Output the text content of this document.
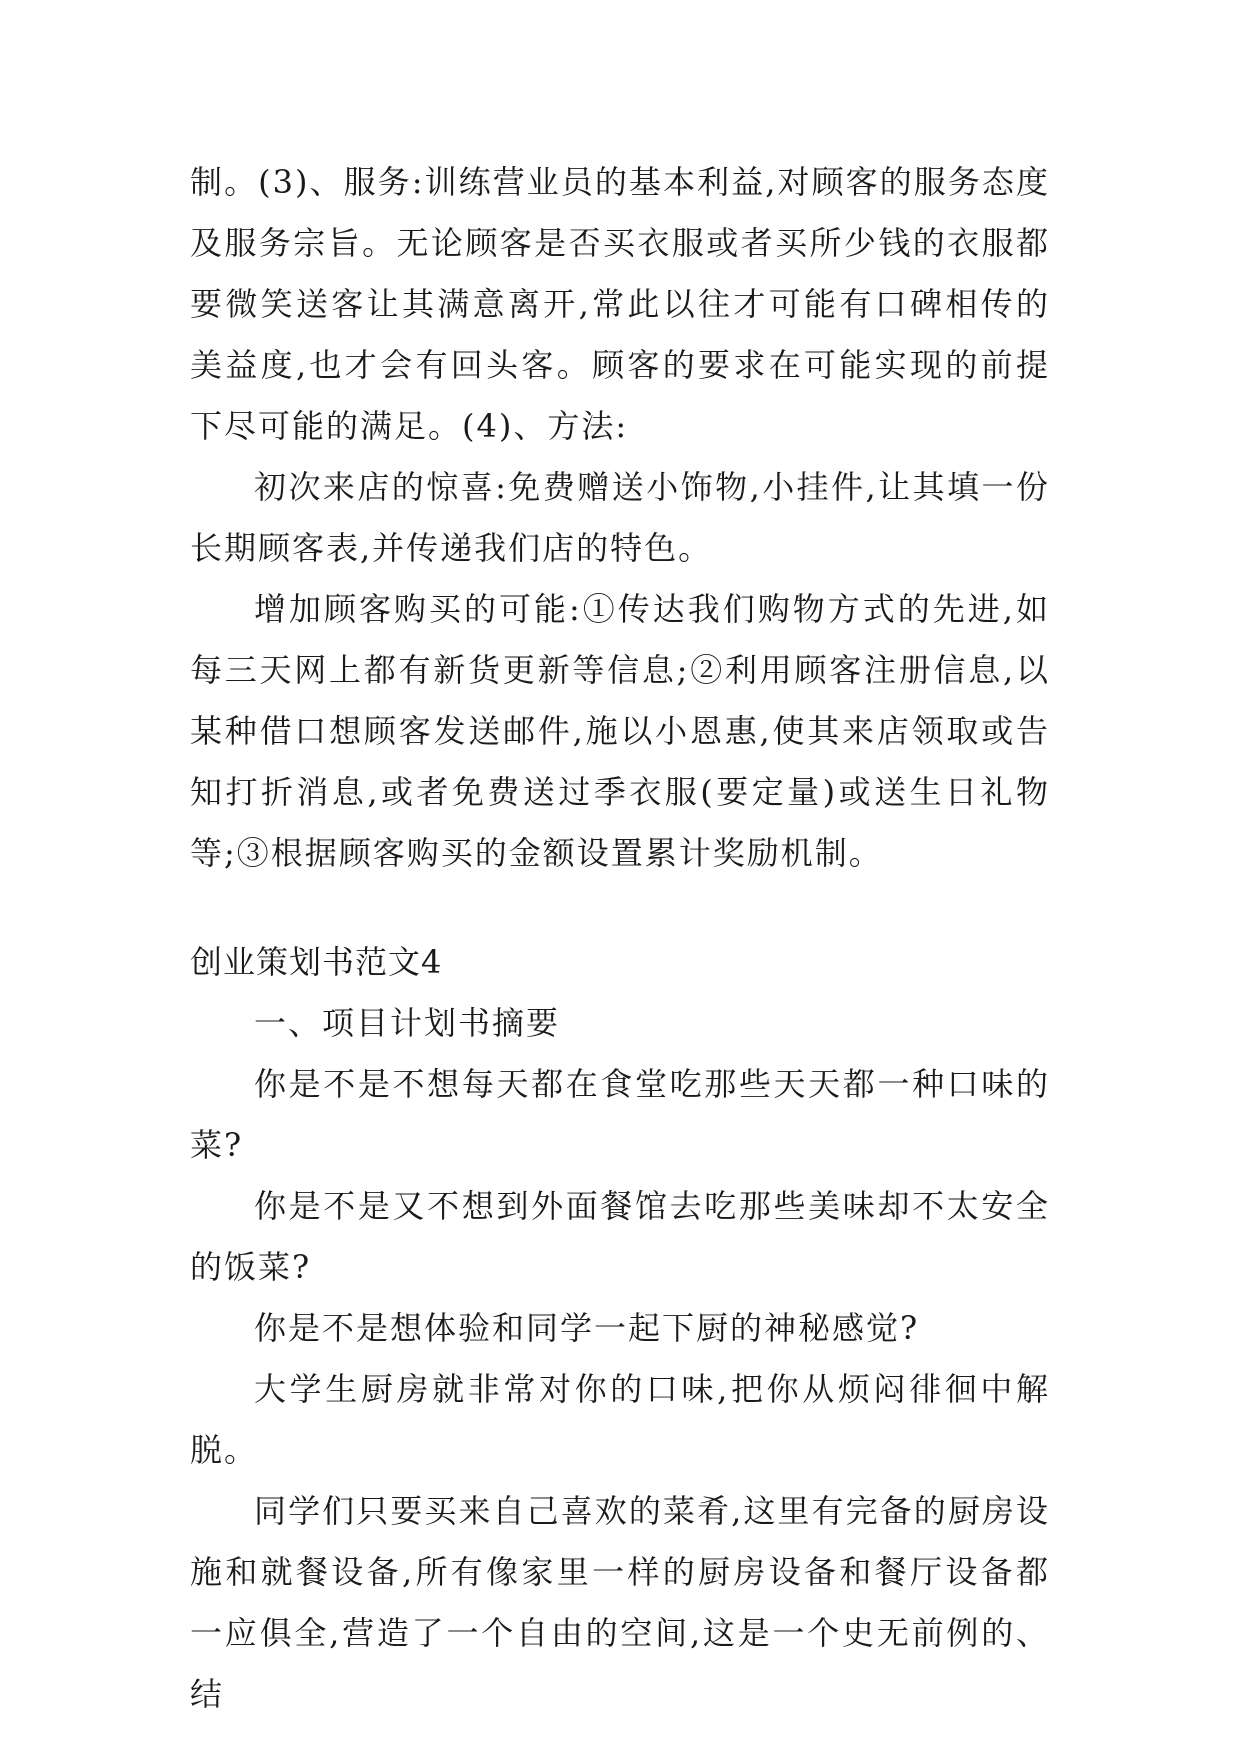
制。(3)、服务:训练营业员的基本利益,对顾客的服务态度及服务宗旨。无论顾客是否买衣服或者买所少钱的衣服都要微笑送客让其满意离开,常此以往才可能有口碑相传的美益度,也才会有回头客。顾客的要求在可能实现的前提下尽可能的满足。(4)、方法:

初次来店的惊喜:免费赠送小饰物,小挂件,让其填一份长期顾客表,并传递我们店的特色。

增加顾客购买的可能:①传达我们购物方式的先进,如每三天网上都有新货更新等信息;②利用顾客注册信息,以某种借口想顾客发送邮件,施以小恩惠,使其来店领取或告知打折消息,或者免费送过季衣服(要定量)或送生日礼物等;③根据顾客购买的金额设置累计奖励机制。

创业策划书范文4

一、项目计划书摘要

你是不是不想每天都在食堂吃那些天天都一种口味的菜?

你是不是又不想到外面餐馆去吃那些美味却不太安全的饭菜?

你是不是想体验和同学一起下厨的神秘感觉?

大学生厨房就非常对你的口味,把你从烦闷徘徊中解脱。

同学们只要买来自己喜欢的菜肴,这里有完备的厨房设施和就餐设备,所有像家里一样的厨房设备和餐厅设备都一应俱全,营造了一个自由的空间,这是一个史无前例的、结
